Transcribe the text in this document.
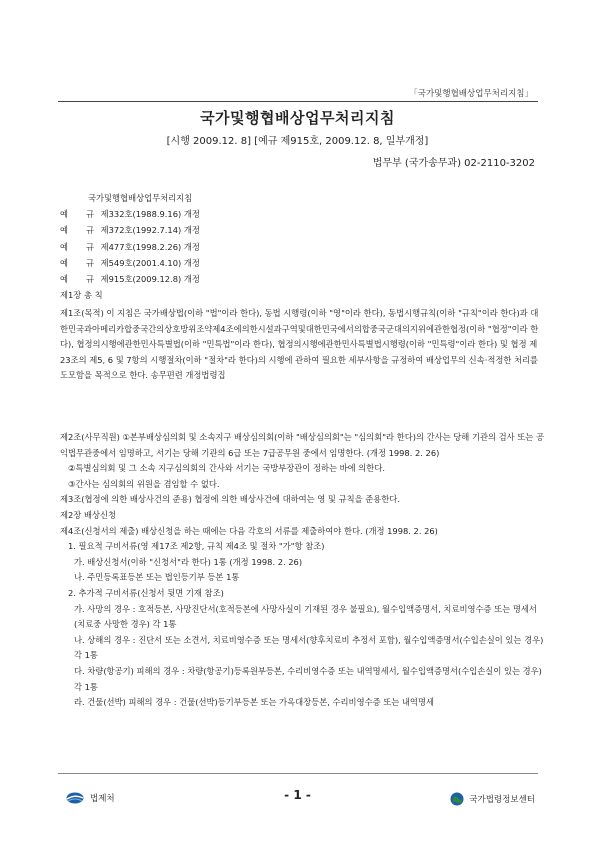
「국가및행협배상업무처리지침」
국가및행협배상업무처리지침
[시행 2009.12. 8] [예규 제915호, 2009.12. 8, 일부개정]
법무부 (국가송무과) 02-2110-3202
국가및행협배상업무처리지침
예 규 제332호(1988.9.16) 개정
예 규 제372호(1992.7.14) 개정
예 규 제477호(1998.2.26) 개정
예 규 제549호(2001.4.10) 개정
예 규 제915호(2009.12.8) 개정
제1장 총 칙
제1조(목적) 이 지침은 국가배상법(이하 "법"이라 한다), 동법 시행령(이하 "영"이라 한다), 동법시행규칙(이하 "규칙"이라 한다)과 대한민국과아메리카합중국간의상호방위조약제4조에의한시설과구역및대한민국에서의합중국군대의지위에관한협정(이하 "협정"이라 한다), 협정의시행에관한민사특별법(이하 "민특법"이라 한다), 협정의시행에관한민사특별법시행령(이하 "민특령"이라 한다) 및 협정 제23조의 제5, 6 및 7항의 시행절차(이하 "절차"라 한다)의 시행에 관하여 필요한 세부사항을 규정하여 배상업무의 신속·적정한 처리를 도모함을 목적으로 한다. 송무편련 개정법령집
제2조(사무직원) ①본부배상심의회 및 소속지구 배상심의회(이하 "배상심의회"는 "심의회"라 한다)의 간사는 당해 기관의 검사 또는 공익법무관중에서 임명하고, 서기는 당해 기관의 6급 또는 7급공무원 중에서 임명한다. (개정 1998. 2. 26)
②특별심의회 및 그 소속 지구심의회의 간사와 서기는 국방부장관이 정하는 바에 의한다.
③간사는 심의회의 위원을 겸임할 수 없다.
제3조(협정에 의한 배상사건의 준용) 협정에 의한 배상사건에 대하여는 영 및 규칙을 준용한다.
제2장 배상신청
제4조(신청서의 제출) 배상신청을 하는 때에는 다음 각호의 서류를 제출하여야 한다. (개정 1998. 2. 26)
1. 필요적 구비서류(영 제17조 제2항, 규칙 제4조 및 절차 "가"항 참조)
가. 배상신청서(이하 "신청서"라 한다) 1통 (개정 1998. 2. 26)
나. 주민등록표등본 또는 법인등기부 등본 1통
2. 추가적 구비서류(신청서 뒷면 기재 참조)
가. 사망의 경우 : 호적등본, 사망진단서(호적등본에 사망사실이 기재된 경우 불필요), 월수입액증명서, 치료비영수증 또는 명세서(치료중 사망한 경우) 각 1통
나. 상해의 경우 : 진단서 또는 소견서, 치료비영수증 또는 명세서(향후치료비 추정서 포함), 월수입액증명서(수입손실이 있는 경우) 각 1통
다. 차량(항공기) 피해의 경우 : 차량(항공기)등록원부등본, 수리비영수증 또는 내역명세서, 월수입액증명서(수입손실이 있는 경우) 각 1통
라. 건물(선박) 피해의 경우 : 건물(선박)등기부등본 또는 가옥대장등본, 수리비영수증 또는 내역명세
법제처	- 1 -	국가법령정보센터
